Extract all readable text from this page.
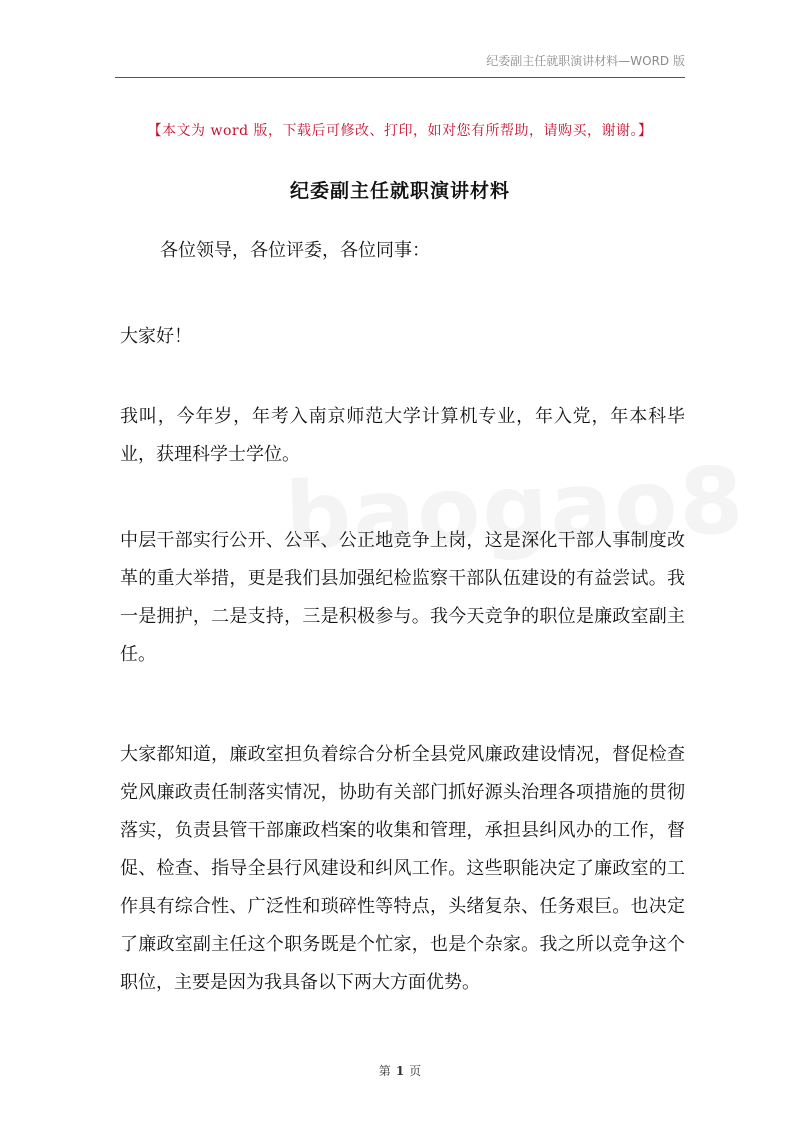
纪委副主任就职演讲材料—WORD 版
【本文为 word 版，下载后可修改、打印，如对您有所帮助，请购买，谢谢。】
纪委副主任就职演讲材料

各位领导，各位评委，各位同事：

大家好！

我叫，今年岁，年考入南京师范大学计算机专业，年入党，年本科毕业，获理科学士学位。

中层干部实行公开、公平、公正地竞争上岗，这是深化干部人事制度改革的重大举措，更是我们县加强纪检监察干部队伍建设的有益尝试。我一是拥护，二是支持，三是积极参与。我今天竞争的职位是廉政室副主任。

大家都知道，廉政室担负着综合分析全县党风廉政建设情况，督促检查党风廉政责任制落实情况，协助有关部门抓好源头治理各项措施的贯彻落实，负责县管干部廉政档案的收集和管理，承担县纠风办的工作，督促、检查、指导全县行风建设和纠风工作。这些职能决定了廉政室的工作具有综合性、广泛性和琐碎性等特点，头绪复杂、任务艰巨。也决定了廉政室副主任这个职务既是个忙家，也是个杂家。我之所以竞争这个职位，主要是因为我具备以下两大方面优势。

第 1 页
